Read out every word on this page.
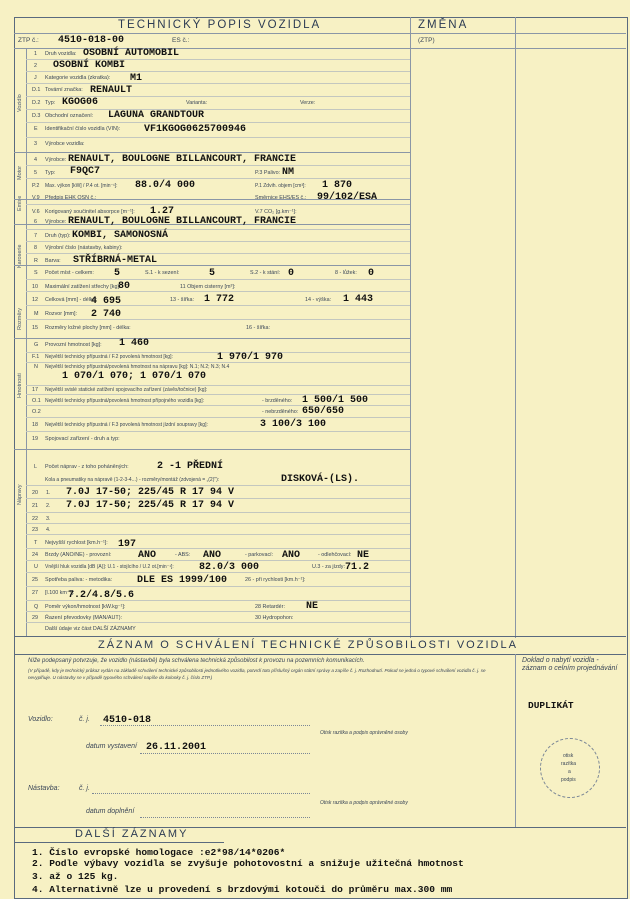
TECHNICKÝ POPIS VOZIDLA	ZMĚNA
ZTP č.: 4510-018-00	ES č.:	(ZTP)
Vozidlo
Motor
Emise
Karoserie
Rozměry
Hmotnosti
Nápravy
1 Druh vozidla: OSOBNÍ AUTOMOBIL
2 OSOBNÍ KOMBI
J Kategorie vozidla (zkratka): M1
D.1 Tovární značka: RENAULT
D.2 Typ: KGOG06	Varianta:	Verze:
D.3 Obchodní označení: LAGUNA GRANDTOUR
E Identifikační číslo vozidla (VIN): VF1KGOG0625700946
3 Výrobce vozidla:
4 Výrobce: RENAULT, BOULOGNE BILLANCOURT, FRANCIE
5 Typ: F9QC7	P.3 Palivo: NM
P.2 Max. výkon [kW] / P.4 ot. [min⁻¹]: 88.0/4 000	P.1 Zdvih. objem [cm³]: 1 870
V.9 Předpis EHK OSN č.:	Směrnice EHS/ES č.: 99/102/ESA
V.6 Korigovaný součinitel absorpce [m⁻¹]: 1.27	V.7 CO₂ [g.km⁻¹]:
6 Výrobce: RENAULT, BOULOGNE BILLANCOURT, FRANCIE
7 Druh (typ): KOMBI, SAMONOSNÁ
8 Výrobní číslo (nástavby, kabiny):
R Barva: STŘÍBRNÁ-METAL
S Počet míst - celkem: 5	S.1 - k sezení:	5	S.2 - k stání: 0	8 - lůžek: 0
10 Maximální zatížení střechy [kg]:
80	11 Objem cisterny [m³]:
12 Celková [mm] - délka:
4 695	13 - šířka: 1 772	14 - výška: 1 443
M Rozvor [mm]: 2 740
15 Rozměry ložné plochy [mm] - délka:	16 - šířka:
G Provozní hmotnost [kg]: 1 460
F.1 Největší technicky přípustná / F.2 povolená hmotnost [kg]:	1 970/1 970
N Největší technicky přípustná/povolená hmotnost na nápravu [kg]: N.1; N.2; N.3; N.4
1 070/1 070; 1 070/1 070
17 Největší svislé statické zatížení spojovacího zařízení (závěs/točnice) [kg]:
O.1 Největší technicky přípustná/povolená hmotnost přípojného vozidla [kg]:	- brzděného: 1 500/1 500
O.2	- nebrzděného: 650/650
18 Největší technicky přípustná / F.3 povolená hmotnost jízdní soupravy [kg]:	3 100/3 100
19 Spojovací zařízení - druh a typ:
L Počet náprav - z toho poháněných:	2 -1 PŘEDNÍ
Kola a pneumatiky na nápravě (1-2-3-4...) - rozměry/montáž (zdvojená = „(2)"):	DISKOVÁ-(LS).
20 1. 7.0J 17-50; 225/45 R 17 94 V
21 2. 7.0J 17-50; 225/45 R 17 94 V
22 3.
23 4.
T Nejvyšší rychlost [km.h⁻¹]: 197
24 Brzdy (ANO/NE) - provozní:	ANO	- ABS: ANO	- parkovací: ANO	- odlehčovací: NE
U Vnější hluk vozidla [dB (A)]: U.1 - stojícího / U.2 ot.[min⁻¹]:	82.0/3 000	U.3 - za jízdy: 71.2
25 Spotřeba paliva: - metodika: DLE ES 1999/100	26 - při rychlosti [km.h⁻¹]:
27 [l.100 km⁻¹]:
7.2/4.8/5.6
Q Poměr výkon/hmotnost [kW.kg⁻¹]:	28 Retardér: NE
29 Řazení převodovky (MAN/AUT):	30 Hydropohon:
Další údaje viz část DALŠÍ ZÁZNAMY
ZÁZNAM O SCHVÁLENÍ TECHNICKÉ ZPŮSOBILOSTI VOZIDLA
Níže podepsaný potvrzuje, že vozidlo (nástavbě) byla schválena technická způsobilost k provozu na pozemních komunikacích.
(V případě, kdy je technický průkaz vydán na základě schválení technické způsobilosti jednotlivého vozidla, potvrdí toto příslušný orgán státní správy a zapíše č. j. Rozhodnutí. Pokud se jedná o typové schválení vozidla č. j. se nevyplňuje. U nástavby se v případě typového schválení napíše do kolonky č. j. číslo ZTP.)
Doklad o nabytí vozidla - záznam o celním projednávání
DUPLIKÁT
Vozidlo:	č. j. 4510-018
Otisk razítka a podpis oprávněné osoby
datum vystavení 26.11.2001
Nástavba:	č. j.
datum doplnění
Otisk razítka a podpis oprávněné osoby
otisk
razítka
a
podpis
DALŠÍ ZÁZNAMY
1. Číslo evropské homologace :e2*98/14*0206*
2. Podle výbavy vozidla se zvyšuje pohotovostní a snižuje užitečná hmotnost
3. až o 125 kg.
4. Alternativně lze u provedení s brzdovými kotouči do průměru max.300 mm
